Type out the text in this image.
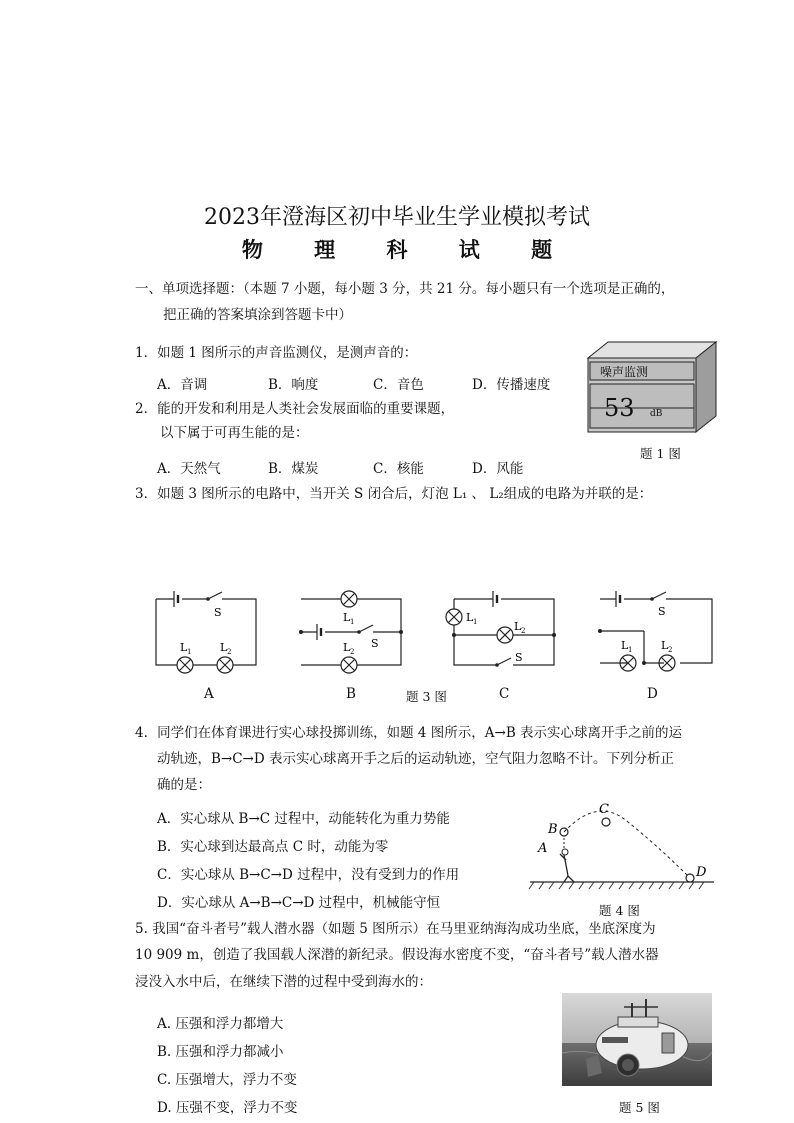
2023年澄海区初中毕业生学业模拟考试
物 理 科 试 题
一、单项选择题：（本题 7 小题，每小题 3 分，共 21 分。每小题只有一个选项是正确的，
把正确的答案填涂到答题卡中）
1．如题 1 图所示的声音监测仪，是测声音的：
A．音调	B．响度	C．音色	D．传播速度
噪声监测
53 dB
题 1 图
2．能的开发和利用是人类社会发展面临的重要课题，
以下属于可再生能的是：
A．天然气	B．煤炭	C．核能	D．风能
3．如题 3 图所示的电路中，当开关 S 闭合后，灯泡 L₁ 、 L₂组成的电路为并联的是：
S
L 1	L 2
A
L 1
L 2
S
B
L 1	L 2
S
C
S
L 1	L 2
D
题 3 图
4．同学们在体育课进行实心球投掷训练，如题 4 图所示，A→B 表示实心球离开手之前的运
动轨迹，B→C→D 表示实心球离开手之后的运动轨迹，空气阻力忽略不计。下列分析正
确的是：
A．实心球从 B→C 过程中，动能转化为重力势能
B．实心球到达最高点 C 时，动能为零
C．实心球从 B→C→D 过程中，没有受到力的作用
D．实心球从 A→B→C→D 过程中，机械能守恒
A
B
C
D
题 4 图
5. 我国“奋斗者号”载人潜水器（如题 5 图所示）在马里亚纳海沟成功坐底，坐底深度为
10 909 m，创造了我国载人深潜的新纪录。假设海水密度不变，“奋斗者号”载人潜水器
浸没入水中后，在继续下潜的过程中受到海水的：
A. 压强和浮力都增大
B. 压强和浮力都减小
C. 压强增大，浮力不变
D. 压强不变，浮力不变	题 5 图
